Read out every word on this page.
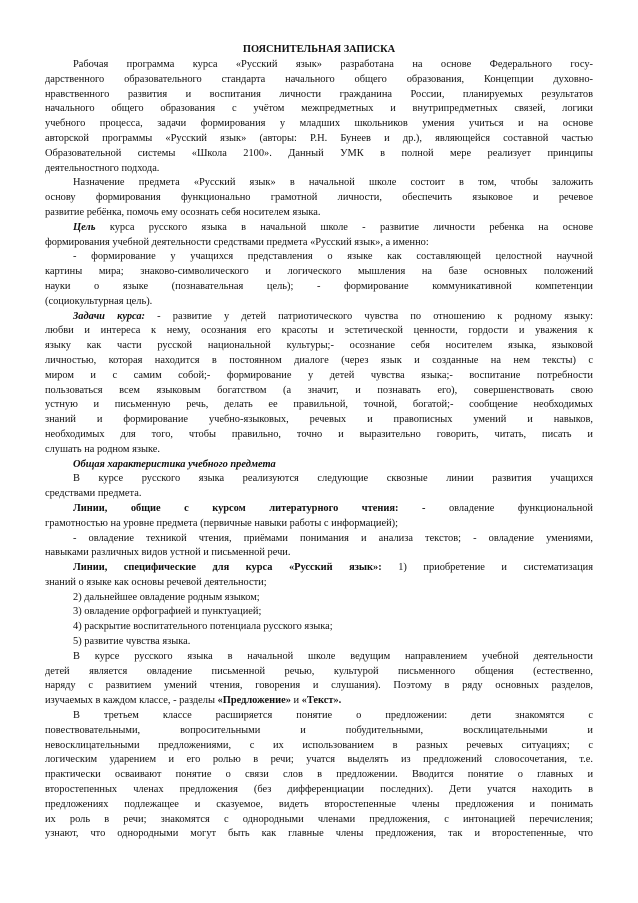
ПОЯСНИТЕЛЬНАЯ ЗАПИСКА
Рабочая программа курса «Русский язык» разработана на основе Федерального госу-
дарственного образовательного стандарта начального общего образования, Концепции духовно-
нравственного развития и воспитания личности гражданина России, планируемых результатов
начального общего образования с учётом межпредметных и внутрипредметных связей, логики
учебного процесса, задачи формирования у младших школьников умения учиться и на основе
авторской программы «Русский язык» (авторы: Р.Н. Бунеев и др.), являющейся составной частью
Образовательной системы «Школа 2100». Данный УМК в полной мере реализует принципы
деятельностного подхода.
Назначение предмета «Русский язык» в начальной школе состоит в том, чтобы заложить
основу формирования функционально грамотной личности, обеспечить языковое и речевое
развитие ребёнка, помочь ему осознать себя носителем языка.
Цель курса русского языка в начальной школе - развитие личности ребенка на основе
формирования учебной деятельности средствами предмета «Русский язык», а именно:
- формирование у учащихся представления о языке как составляющей целостной научной
картины мира; знаково-символического и логического мышления на базе основных положений
науки о языке (познавательная цель); - формирование коммуникативной компетенции
(социокультурная цель).
Задачи курса: - развитие у детей патриотического чувства по отношению к родному языку:
любви и интереса к нему, осознания его красоты и эстетической ценности, гордости и уважения к
языку как части русской национальной культуры;- осознание себя носителем языка, языковой
личностью, которая находится в постоянном диалоге (через язык и созданные на нем тексты) с
миром и с самим собой;- формирование у детей чувства языка;- воспитание потребности
пользоваться всем языковым богатством (а значит, и познавать его), совершенствовать свою
устную и письменную речь, делать ее правильной, точной, богатой;- сообщение необходимых
знаний и формирование учебно-языковых, речевых и правописных умений и навыков,
необходимых для того, чтобы правильно, точно и выразительно говорить, читать, писать и
слушать на родном языке.
Общая характеристика учебного предмета
В курсе русского языка реализуются следующие сквозные линии развития учащихся
средствами предмета.
Линии, общие с курсом литературного чтения: - овладение функциональной
грамотностью на уровне предмета (первичные навыки работы с информацией);
- овладение техникой чтения, приёмами понимания и анализа текстов; - овладение умениями,
навыками различных видов устной и письменной речи.
Линии, специфические для курса «Русский язык»: 1) приобретение и систематизация
знаний о языке как основы речевой деятельности;
2) дальнейшее овладение родным языком;
3) овладение орфографией и пунктуацией;
4) раскрытие воспитательного потенциала русского языка;
5) развитие чувства языка.
В курсе русского языка в начальной школе ведущим направлением учебной деятельности
детей является овладение письменной речью, культурой письменного общения (естественно,
наряду с развитием умений чтения, говорения и слушания). Поэтому в ряду основных разделов,
изучаемых в каждом классе, - разделы «Предложение» и «Текст».
В третьем классе расширяется понятие о предложении: дети знакомятся с
повествовательными, вопросительными и побудительными, восклицательными и
невосклицательными предложениями, с их использованием в разных речевых ситуациях; с
логическим ударением и его ролью в речи; учатся выделять из предложений словосочетания, т.е.
практически осваивают понятие о связи слов в предложении. Вводится понятие о главных и
второстепенных членах предложения (без дифференциации последних). Дети учатся находить в
предложениях подлежащее и сказуемое, видеть второстепенные члены предложения и понимать
их роль в речи; знакомятся с однородными членами предложения, с интонацией перечисления;
узнают, что однородными могут быть как главные члены предложения, так и второстепенные, что
